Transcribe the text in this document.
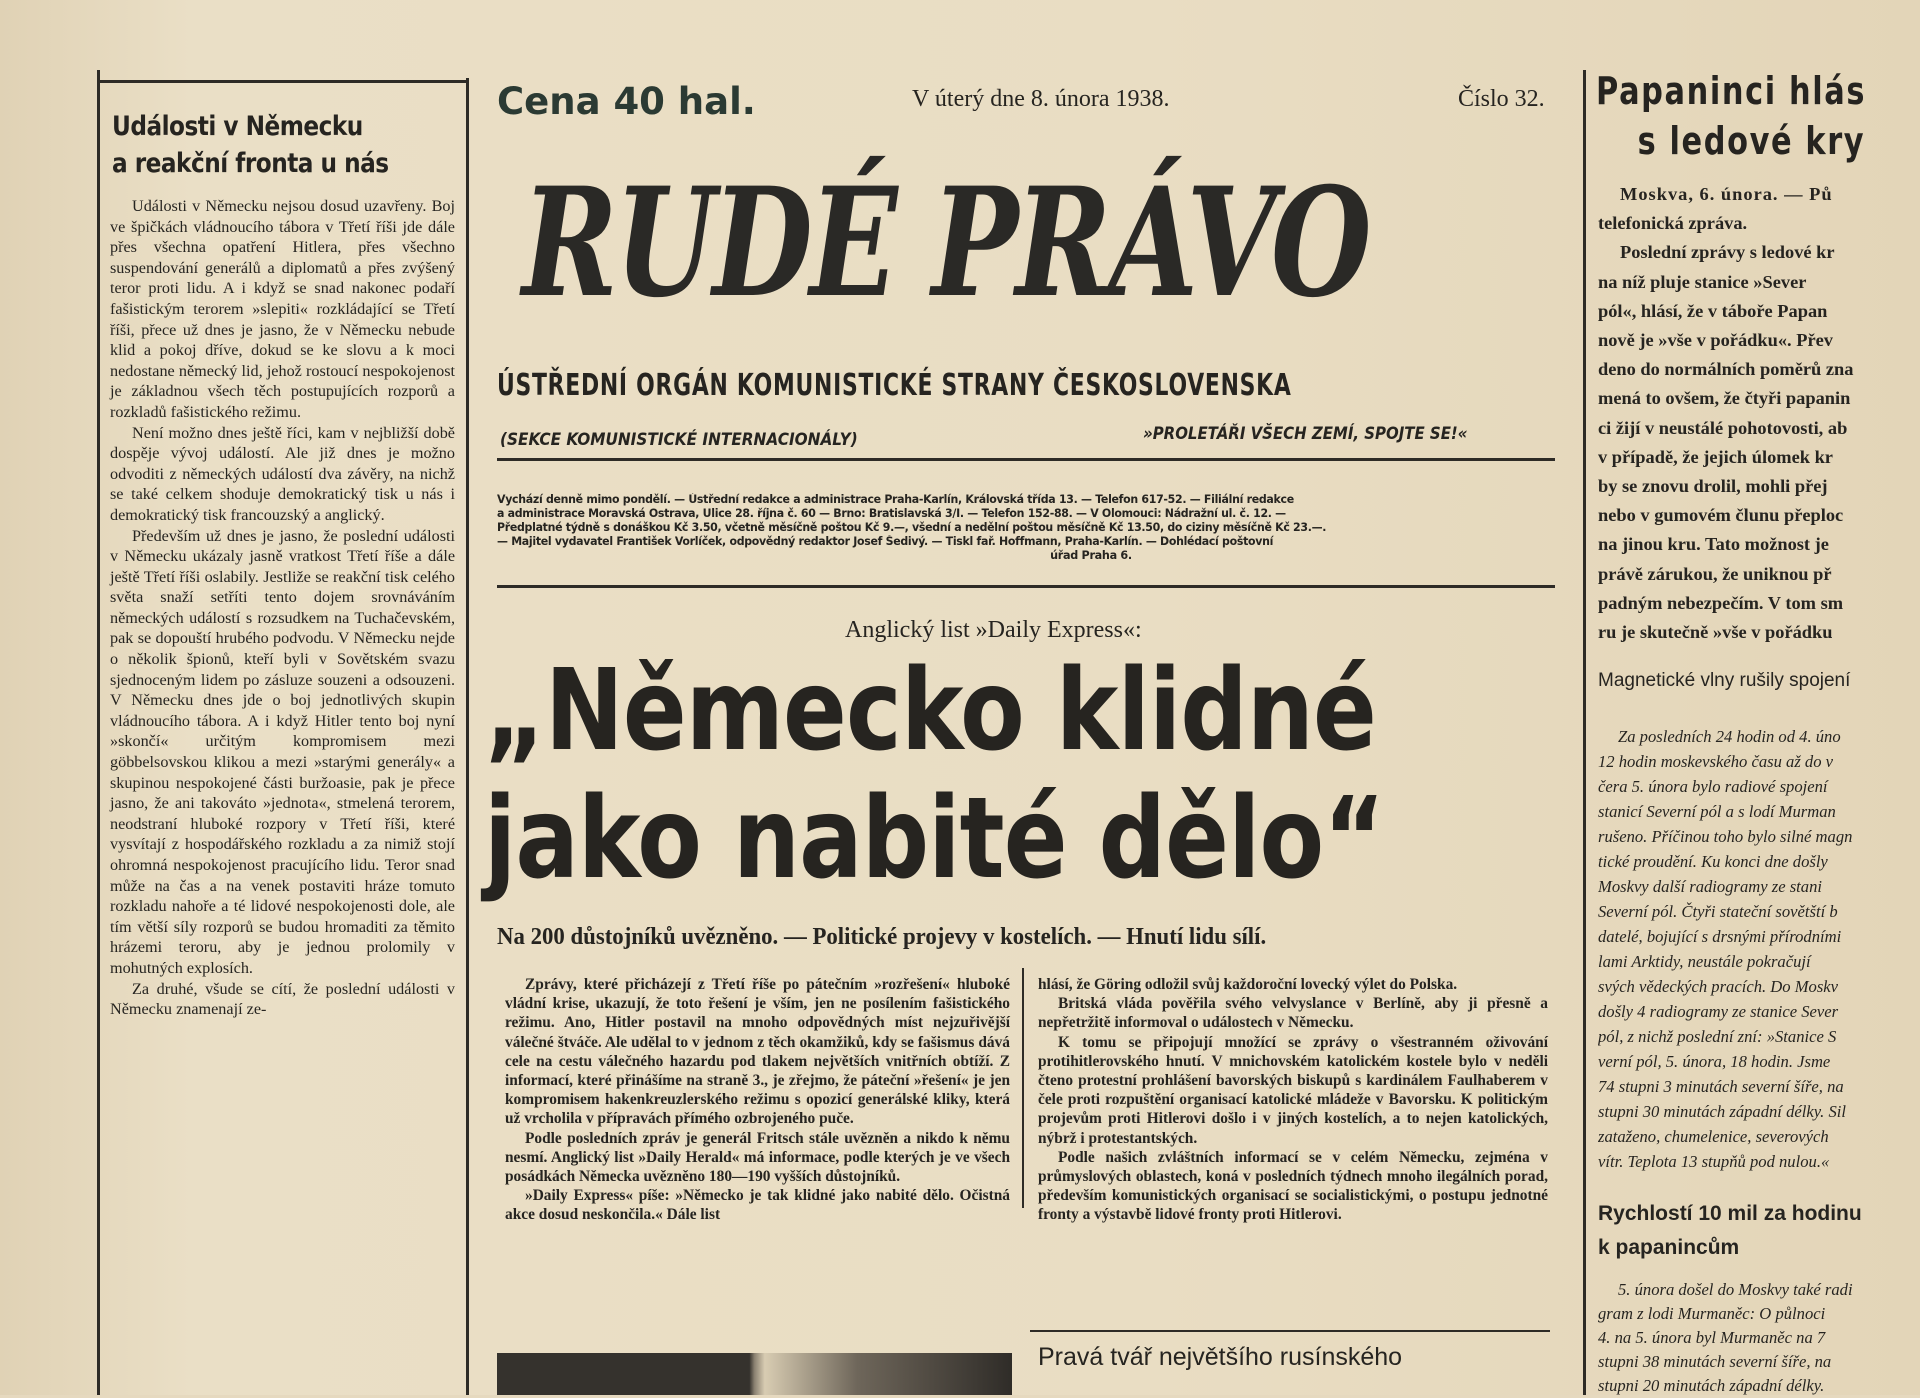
Události v Německu
a reakční fronta u nás

Události v Německu nejsou dosud uzavřeny. Boj ve špičkách vládnoucího tábora v Třetí říši jde dále přes všechna opatření Hitlera, přes všechno suspendování generálů a diplomatů a přes zvýšený teror proti lidu. A i když se snad nakonec podaří fašistickým terorem »slepiti« rozkládající se Třetí říši, přece už dnes je jasno, že v Německu nebude klid a pokoj dříve, dokud se ke slovu a k moci nedostane německý lid, jehož rostoucí nespokojenost je základnou všech těch postupujících rozporů a rozkladů fašistického režimu.

Není možno dnes ještě říci, kam v nejbližší době dospěje vývoj událostí. Ale již dnes je možno odvoditi z německých událostí dva závěry, na nichž se také celkem shoduje demokratický tisk u nás i demokratický tisk francouzský a anglický.

Především už dnes je jasno, že poslední události v Německu ukázaly jasně vratkost Třetí říše a dále ještě Třetí říši oslabily. Jestliže se reakční tisk celého světa snaží setříti tento dojem srovnáváním německých událostí s rozsudkem na Tuchačevském, pak se dopouští hrubého podvodu. V Německu nejde o několik špionů, kteří byli v Sovětském svazu sjednoceným lidem po zásluze souzeni a odsouzeni. V Německu dnes jde o boj jednotlivých skupin vládnoucího tábora. A i když Hitler tento boj nyní »skončí« určitým kompromisem mezi göbbelsovskou klikou a mezi »starými generály« a skupinou nespokojené části buržoasie, pak je přece jasno, že ani takováto »jednota«, stmelená terorem, neodstraní hluboké rozpory v Třetí říši, které vysvítají z hospodářského rozkladu a za nimiž stojí ohromná nespokojenost pracujícího lidu. Teror snad může na čas a na venek postaviti hráze tomuto rozkladu nahoře a té lidové nespokojenosti dole, ale tím větší síly rozporů se budou hromaditi za těmito hrázemi teroru, aby je jednou prolomily v mohutných explosích.

Za druhé, všude se cítí, že poslední události v Německu znamenají ze-

Cena 40 hal.	V úterý dne 8. února 1938.	Číslo 32.
RUDÉ PRÁVO
ÚSTŘEDNÍ ORGÁN KOMUNISTICKÉ STRANY ČESKOSLOVENSKA
(SEKCE KOMUNISTICKÉ INTERNACIONÁLY)	»PROLETÁŘI VŠECH ZEMÍ, SPOJTE SE!«
Vychází denně mimo pondělí. — Ústřední redakce a administrace Praha-Karlín, Královská třída 13. — Telefon 617-52. — Filiální redakce
a administrace Moravská Ostrava, Ulice 28. října č. 60 — Brno: Bratislavská 3/I. — Telefon 152-88. — V Olomouci: Nádražní ul. č. 12. —
Předplatné týdně s donáškou Kč 3.50, včetně měsíčně poštou Kč 9.—, všední a nedělní poštou měsíčně Kč 13.50, do ciziny měsíčně Kč 23.—.
— Majitel vydavatel František Vorlíček, odpovědný redaktor Josef Šedivý. — Tiskl fař. Hoffmann, Praha-Karlín. — Dohlédací poštovní
úřad Praha 6.
Anglický list »Daily Express«:
„Německo klidné
jako nabité dělo“
Na 200 důstojníků uvězněno. — Politické projevy v kostelích. — Hnutí lidu sílí.

Zprávy, které přicházejí z Třetí říše po pátečním »rozřešení« hluboké vládní krise, ukazují, že toto řešení je vším, jen ne posílením fašistického režimu. Ano, Hitler postavil na mnoho odpovědných míst nejzuřivější válečné štváče. Ale udělal to v jednom z těch okamžiků, kdy se fašismus dává cele na cestu válečného hazardu pod tlakem největších vnitřních obtíží. Z informací, které přinášíme na straně 3., je zřejmo, že páteční »řešení« je jen kompromisem hakenkreuzlerského režimu s opozicí generálské kliky, která už vrcholila v přípravách přímého ozbrojeného puče.

Podle posledních zpráv je generál Fritsch stále uvězněn a nikdo k němu nesmí. Anglický list »Daily Herald« má informace, podle kterých je ve všech posádkách Německa uvězněno 180—190 vyšších důstojníků.

»Daily Express« píše: »Německo je tak klidné jako nabité dělo. Očistná akce dosud neskončila.« Dále list

hlásí, že Göring odložil svůj každoroční lovecký výlet do Polska.

Britská vláda pověřila svého velvyslance v Berlíně, aby ji přesně a nepřetržitě informoval o událostech v Německu.

K tomu se připojují množící se zprávy o všestranném oživování protihitlerovského hnutí. V mnichovském katolickém kostele bylo v neděli čteno protestní prohlášení bavorských biskupů s kardinálem Faulhaberem v čele proti rozpuštění organisací katolické mládeže v Bavorsku. K politickým projevům proti Hitlerovi došlo i v jiných kostelích, a to nejen katolických, nýbrž i protestantských.

Podle našich zvláštních informací se v celém Německu, zejména v průmyslových oblastech, koná v posledních týdnech mnoho ilegálních porad, především komunistických organisací se socialistickými, o postupu jednotné fronty a výstavbě lidové fronty proti Hitlerovi.

Pravá tvář největšího rusínského
Papaninci hlás
s ledové kry
Moskva, 6. února. — Pů
telefonická zpráva.
Poslední zprávy s ledové kr
na níž pluje stanice »Sever
pól«, hlásí, že v táboře Papan
nově je »vše v pořádku«. Přev
deno do normálních poměrů zna
mená to ovšem, že čtyři papanin
ci žijí v neustálé pohotovosti, ab
v případě, že jejich úlomek kr
by se znovu drolil, mohli přej
nebo v gumovém člunu přeploc
na jinou kru. Tato možnost je
právě zárukou, že uniknou př
padným nebezpečím. V tom sm
ru je skutečně »vše v pořádku
Magnetické vlny rušily spojení
Za posledních 24 hodin od 4. úno
12 hodin moskevského času až do v
čera 5. února bylo radiové spojení
stanicí Severní pól a s lodí Murman
rušeno. Příčinou toho bylo silné magn
tické proudění. Ku konci dne došly
Moskvy další radiogramy ze stani
Severní pól. Čtyři stateční sovětští b
datelé, bojující s drsnými přírodními
lami Arktidy, neustále pokračují
svých vědeckých pracích. Do Moskv
došly 4 radiogramy ze stanice Sever
pól, z nichž poslední zní: »Stanice S
verní pól, 5. února, 18 hodin. Jsme
74 stupni 3 minutách severní šíře, na
stupni 30 minutách západní délky. Sil
zataženo, chumelenice, severových
vítr. Teplota 13 stupňů pod nulou.«
Rychlostí 10 mil za hodinu
k papanincům
5. února došel do Moskvy také radi
gram z lodi Murmaněc: O půlnoci
4. na 5. února byl Murmaněc na 7
stupni 38 minutách severní šíře, na
stupni 20 minutách západní délky.
